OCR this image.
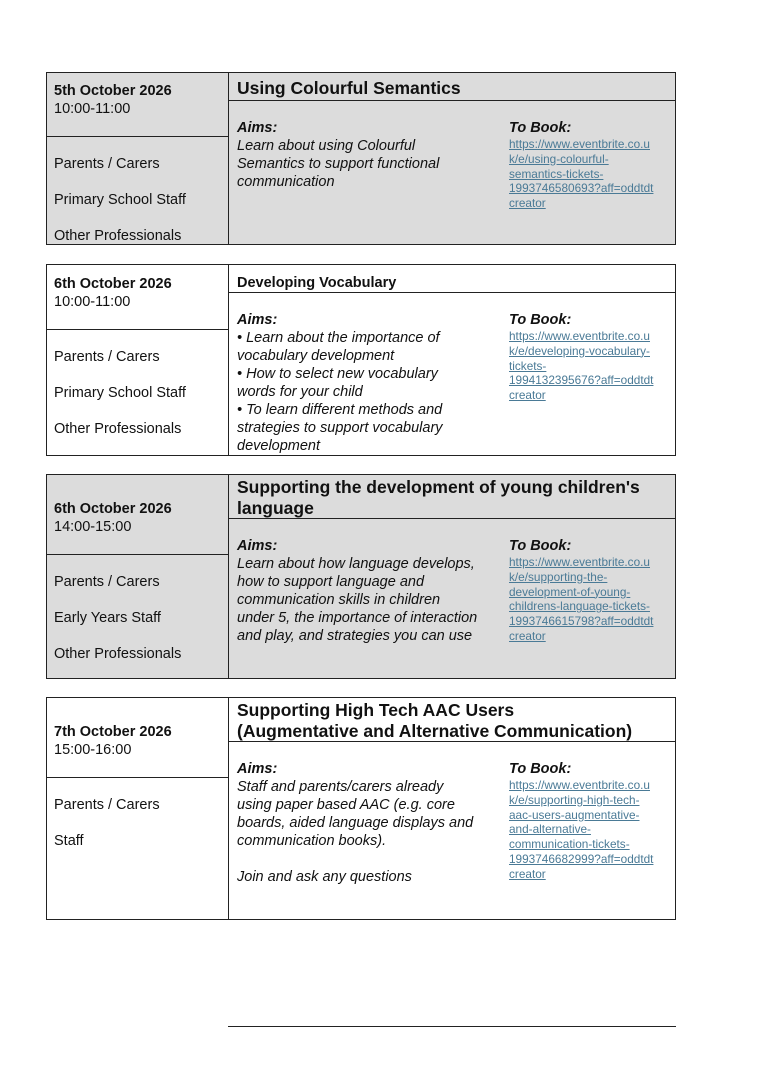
5th October 2026
10:00-11:00
Parents / Carers
Primary School Staff
Other Professionals
Using Colourful Semantics
Aims:
Learn about using Colourful
Semantics to support functional
communication
To Book:
https://www.eventbrite.co.u
k/e/using-colourful-
semantics-tickets-
1993746580693?aff=oddtdt
creator
6th October 2026
10:00-11:00
Parents / Carers
Primary School Staff
Other Professionals
Developing Vocabulary
Aims:
• Learn about the importance of
vocabulary development
• How to select new vocabulary
words for your child
• To learn different methods and
strategies to support vocabulary
development
To Book:
https://www.eventbrite.co.u
k/e/developing-vocabulary-
tickets-
1994132395676?aff=oddtdt
creator
6th October 2026
14:00-15:00
Parents / Carers
Early Years Staff
Other Professionals
Supporting the development of young children's
language
Aims:
Learn about how language develops,
how to support language and
communication skills in children
under 5, the importance of interaction
and play, and strategies you can use
To Book:
https://www.eventbrite.co.u
k/e/supporting-the-
development-of-young-
childrens-language-tickets-
1993746615798?aff=oddtdt
creator
7th October 2026
15:00-16:00
Parents / Carers
Staff
Supporting High Tech AAC Users
(Augmentative and Alternative Communication)
Aims:
Staff and parents/carers already
using paper based AAC (e.g. core
boards, aided language displays and
communication books).
Join and ask any questions
To Book:
https://www.eventbrite.co.u
k/e/supporting-high-tech-
aac-users-augmentative-
and-alternative-
communication-tickets-
1993746682999?aff=oddtdt
creator
